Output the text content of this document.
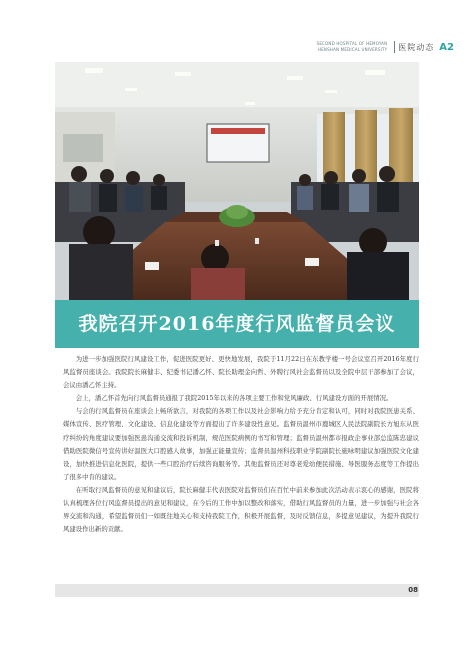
SECOND HOSPITAL OF HEMOYAN
HENSHAN MEDICAL UNIVERSITY 医院动态 A2
我院召开2016年度行风监督员会议

为进一步加强医院行风建设工作，促进医院更好、更快地发展，我院于11月22日在东教学楼一号会议室召开2016年度行风监督员座谈会。我院院长麻健丰、纪委书记潘乙怀、院长助理金向哲、外聘行风社会监督员以及全院中层干部参加了会议，会议由潘乙怀主持。

会上，潘乙怀首先向行风监督员通报了我院2015年以来的各项主要工作和党风廉政、行风建设方面的开展情况。

与会的行风监督员在座谈会上畅所欲言，对我院的各项工作以及社会影响力给予充分肯定和认可，同时对我院医患关系、媒体宣传、医疗管理、文化建设、信息化建设等方面提出了许多建设性意见。监督员温州市鹿城区人民法院副院长方旭东从医疗纠纷的角度建议要加强医患沟通交流和投诉机制，规范医院病例的书写和管理；监督员温州都市报政企事业部总监陈忠建议借助医院微信号宣传讲好温医大口腔感人故事，加强正能量宣传；监督员温州科技职业学院副院长施咏明建议加强医院文化建设，加快推进信息化医院，提供一些口腔治疗后续咨询服务等。其他监督员还对尊老爱幼便民措施、导医服务态度等工作提出了很多中肯的建议。

在听取行风监督员的意见和建议后，院长麻健丰代表医院对监督员们在百忙中前来参加此次活动表示衷心的感谢，医院将认真梳理各位行风监督员提出的意见和建议，在今后的工作中加以整改和落实，借助行风监督员的力量，进一步加强与社会各界交流和沟通，希望监督员们一如既往地关心和支持我院工作，积极开展监督，及时反馈信息，多提意见建议，为提升我院行风建设作出新的贡献。

08
